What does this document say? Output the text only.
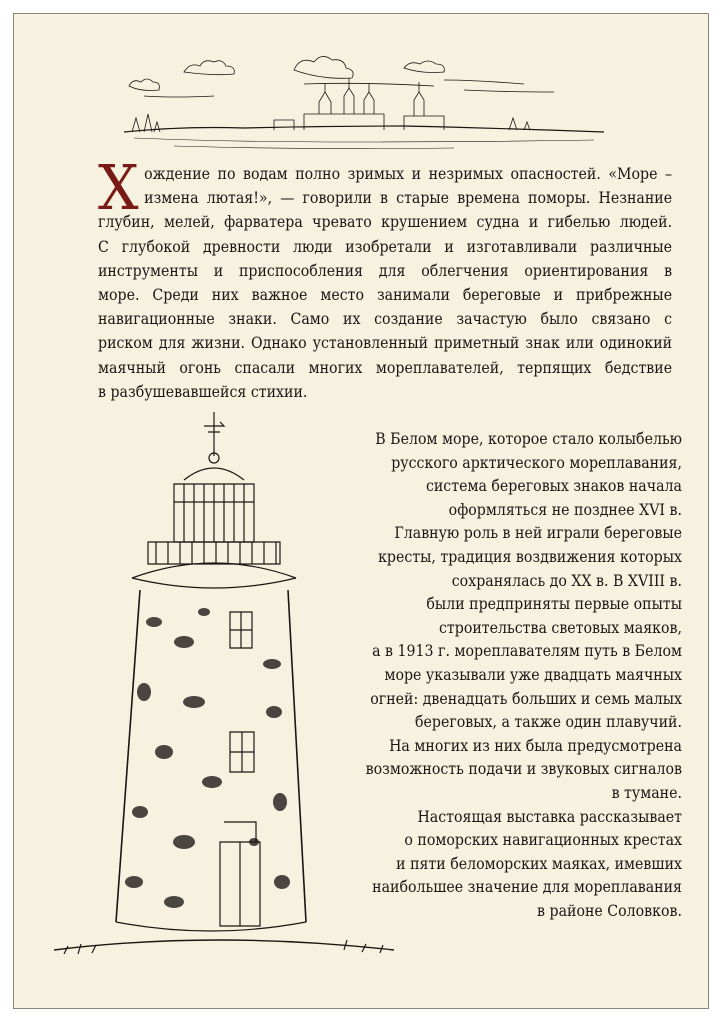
Х ождение по водам полно зримых и незримых опасностей. «Море –
измена лютая!», — говорили в старые времена поморы. Незнание
глубин, мелей, фарватера чревато крушением судна и гибелью людей.
С глубокой древности люди изобретали и изготавливали различные
инструменты и приспособления для облегчения ориентирования в
море. Среди них важное место занимали береговые и прибрежные
навигационные знаки. Само их создание зачастую было связано с
риском для жизни. Однако установленный приметный знак или одинокий
маячный огонь спасали многих мореплавателей, терпящих бедствие
в разбушевавшейся стихии.
В Белом море, которое стало колыбелью
русского арктического мореплавания,
система береговых знаков начала
оформляться не позднее XVI в.
Главную роль в ней играли береговые
кресты, традиция воздвижения которых
сохранялась до XX в. В XVIII в.
были предприняты первые опыты
строительства световых маяков,
а в 1913 г. мореплавателям путь в Белом
море указывали уже двадцать маячных
огней: двенадцать больших и семь малых
береговых, а также один плавучий.
На многих из них была предусмотрена
возможность подачи и звуковых сигналов
в тумане.
Настоящая выставка рассказывает
о поморских навигационных крестах
и пяти беломорских маяках, имевших
наибольшее значение для мореплавания
в районе Соловков.
